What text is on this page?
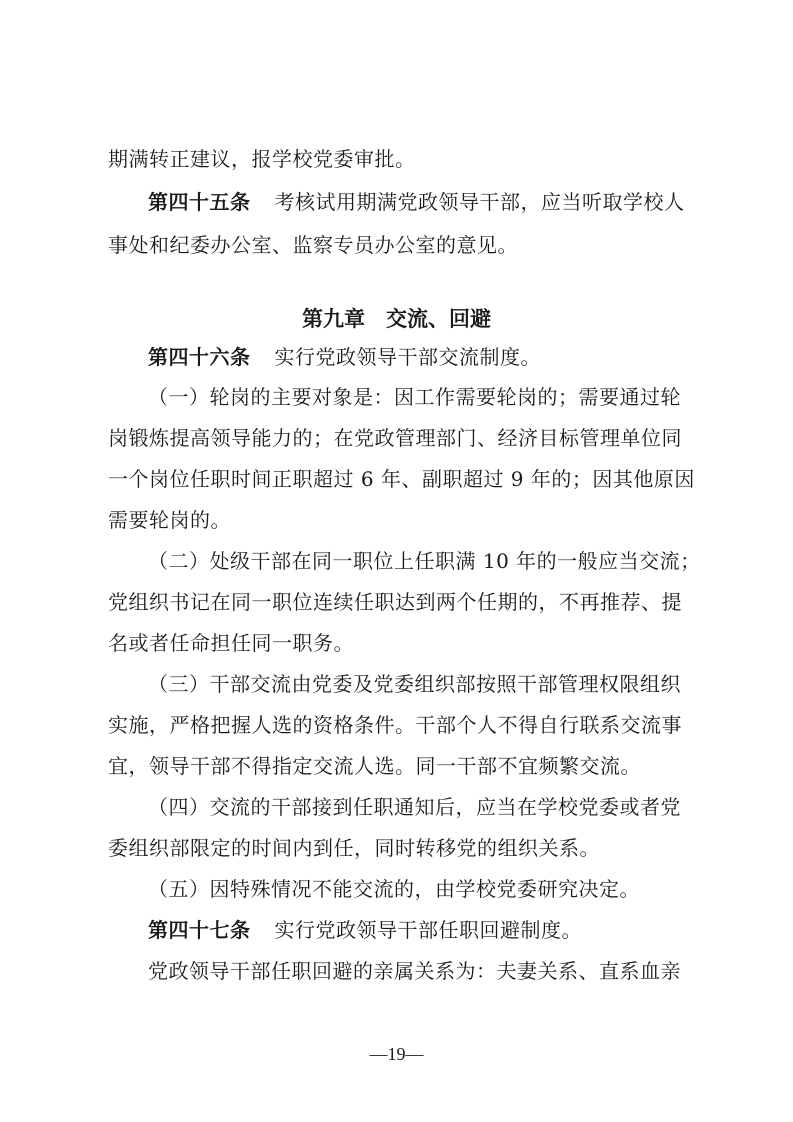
期满转正建议，报学校党委审批。
第四十五条 考核试用期满党政领导干部，应当听取学校人
事处和纪委办公室、监察专员办公室的意见。
第九章　交流、回避
第四十六条 实行党政领导干部交流制度。
（一）轮岗的主要对象是：因工作需要轮岗的；需要通过轮
岗锻炼提高领导能力的；在党政管理部门、经济目标管理单位同
一个岗位任职时间正职超过 6 年、副职超过 9 年的；因其他原因
需要轮岗的。
（二）处级干部在同一职位上任职满 10 年的一般应当交流；
党组织书记在同一职位连续任职达到两个任期的，不再推荐、提
名或者任命担任同一职务。
（三）干部交流由党委及党委组织部按照干部管理权限组织
实施，严格把握人选的资格条件。干部个人不得自行联系交流事
宜，领导干部不得指定交流人选。同一干部不宜频繁交流。
（四）交流的干部接到任职通知后，应当在学校党委或者党
委组织部限定的时间内到任，同时转移党的组织关系。
（五）因特殊情况不能交流的，由学校党委研究决定。
第四十七条 实行党政领导干部任职回避制度。
党政领导干部任职回避的亲属关系为：夫妻关系、直系血亲
—19—
